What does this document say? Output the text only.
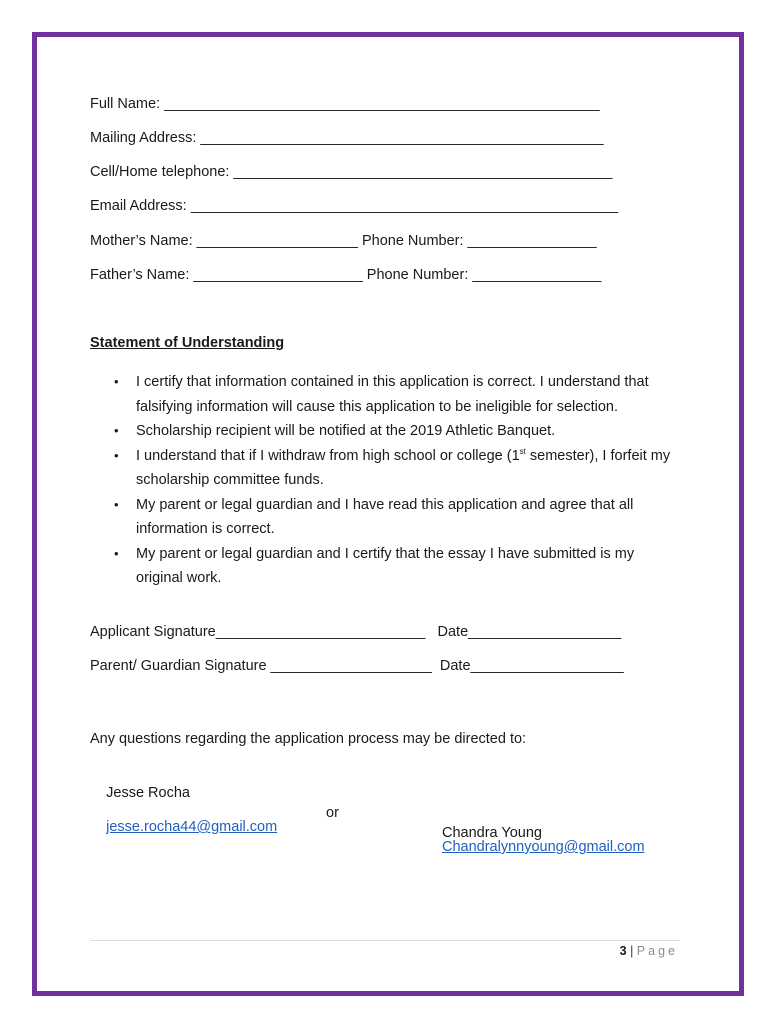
Full Name: ______________________________________________________
Mailing Address: __________________________________________________
Cell/Home telephone: _______________________________________________
Email Address: _____________________________________________________
Mother’s Name: ____________________ Phone Number: ________________
Father’s Name: _____________________ Phone Number: ________________
Statement of Understanding
• I certify that information contained in this application is correct. I understand that falsifying information will cause this application to be ineligible for selection.
• Scholarship recipient will be notified at the 2019 Athletic Banquet.
• I understand that if I withdraw from high school or college (1st semester), I forfeit my scholarship committee funds.
• My parent or legal guardian and I have read this application and agree that all information is correct.
• My parent or legal guardian and I certify that the essay I have submitted is my original work.
Applicant Signature__________________________   Date___________________
Parent/ Guardian Signature ____________________  Date___________________
Any questions regarding the application process may be directed to:

Jesse Rocha

or

Chandra Young

jesse.rocha44@gmail.com

Chandralynnyoung@gmail.com

3 | Page
